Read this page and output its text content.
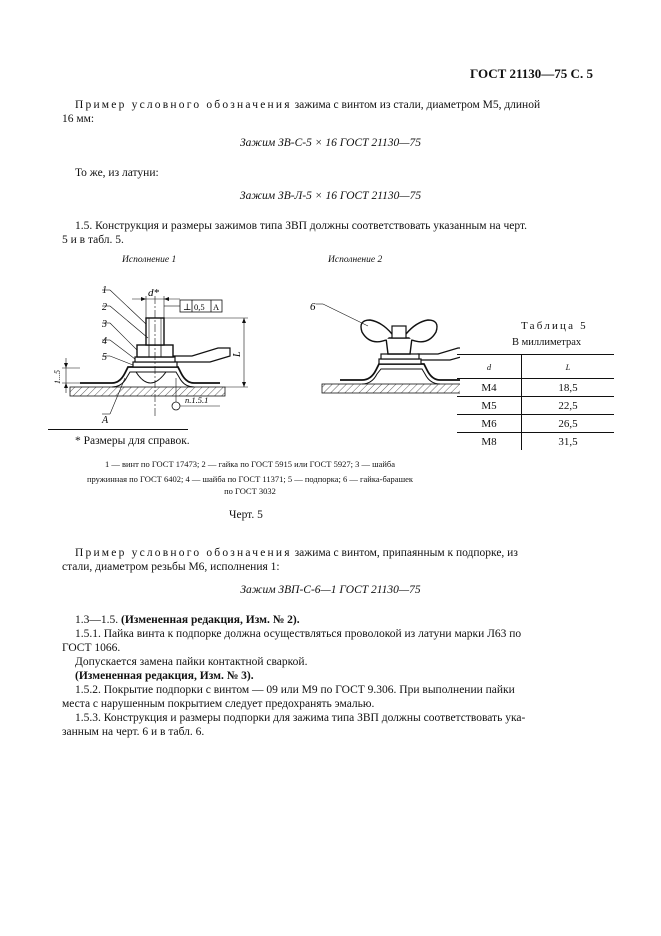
ГОСТ 21130—75 С. 5
Пример условного обозначения зажима с винтом из стали, диаметром М5, длиной
16 мм:
Зажим ЗВ-С-5 × 16 ГОСТ 21130—75
То же, из латуни:
Зажим ЗВ-Л-5 × 16 ГОСТ 21130—75
1.5. Конструкция и размеры зажимов типа ЗВП должны соответствовать указанным на черт.
5 и в табл. 5.
Исполнение 1	Исполнение 2
1
2
3
4
5
6
d*
⊥ 0,5 A
L
1...5
A
п.1.5.1
Таблица 5
В миллиметрах
d	L
М4	18,5
М5	22,5
М6	26,5
М8	31,5
* Размеры для справок.
1 — винт по ГОСТ 17473; 2 — гайка по ГОСТ 5915 или ГОСТ 5927; 3 — шайба
пружинная по ГОСТ 6402; 4 — шайба по ГОСТ 11371; 5 — подпорка; 6 — гайка-барашек
по ГОСТ 3032
Черт. 5
Пример условного обозначения зажима с винтом, припаянным к подпорке, из
стали, диаметром резьбы М6, исполнения 1:
Зажим ЗВП-С-6—1 ГОСТ 21130—75
1.3—1.5. (Измененная редакция, Изм. № 2).
1.5.1. Пайка винта к подпорке должна осуществляться проволокой из латуни марки Л63 по
ГОСТ 1066.
Допускается замена пайки контактной сваркой.
(Измененная редакция, Изм. № 3).
1.5.2. Покрытие подпорки с винтом — 09 или М9 по ГОСТ 9.306. При выполнении пайки
места с нарушенным покрытием следует предохранять эмалью.
1.5.3. Конструкция и размеры подпорки для зажима типа ЗВП должны соответствовать ука-
занным на черт. 6 и в табл. 6.
